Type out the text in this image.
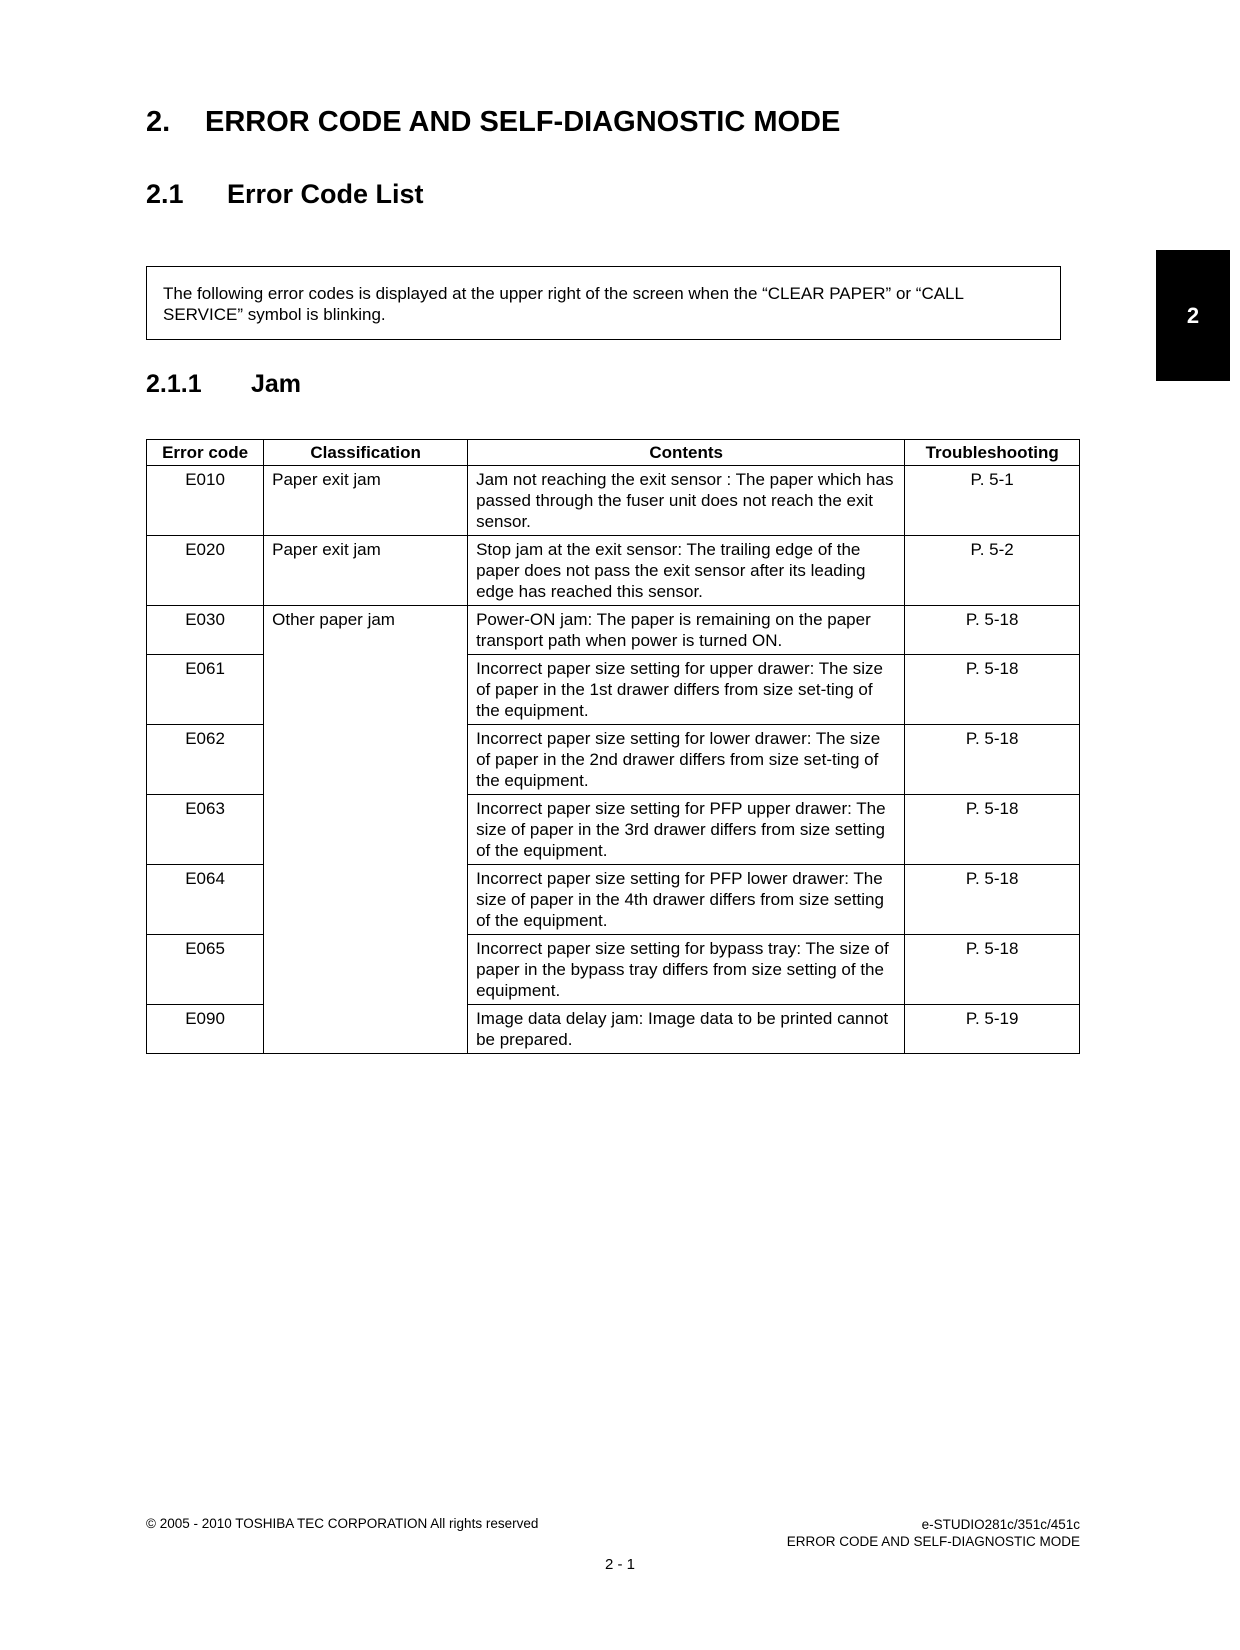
2. ERROR CODE AND SELF-DIAGNOSTIC MODE
2.1 Error Code List
The following error codes is displayed at the upper right of the screen when the “CLEAR PAPER” or “CALL SERVICE” symbol is blinking.	2
2.1.1 Jam
Error code	Classification	Contents	Troubleshooting
E010	Paper exit jam	Jam not reaching the exit sensor : The paper which has passed through the fuser unit does not reach the exit sensor.	P. 5-1
E020	Paper exit jam	Stop jam at the exit sensor: The trailing edge of the paper does not pass the exit sensor after its leading edge has reached this sensor.	P. 5-2
E030	Other paper jam	Power-ON jam: The paper is remaining on the paper transport path when power is turned ON.	P. 5-18
E061		Incorrect paper size setting for upper drawer: The size of paper in the 1st drawer differs from size set-ting of the equipment.	P. 5-18
E062		Incorrect paper size setting for lower drawer: The size of paper in the 2nd drawer differs from size set-ting of the equipment.	P. 5-18
E063		Incorrect paper size setting for PFP upper drawer: The size of paper in the 3rd drawer differs from size setting of the equipment.	P. 5-18
E064		Incorrect paper size setting for PFP lower drawer: The size of paper in the 4th drawer differs from size setting of the equipment.	P. 5-18
E065		Incorrect paper size setting for bypass tray: The size of paper in the bypass tray differs from size setting of the equipment.	P. 5-18
E090		Image data delay jam: Image data to be printed cannot be prepared.	P. 5-19
© 2005 - 2010 TOSHIBA TEC CORPORATION All rights reserved	e-STUDIO281c/351c/451c
ERROR CODE AND SELF-DIAGNOSTIC MODE
2 - 1
